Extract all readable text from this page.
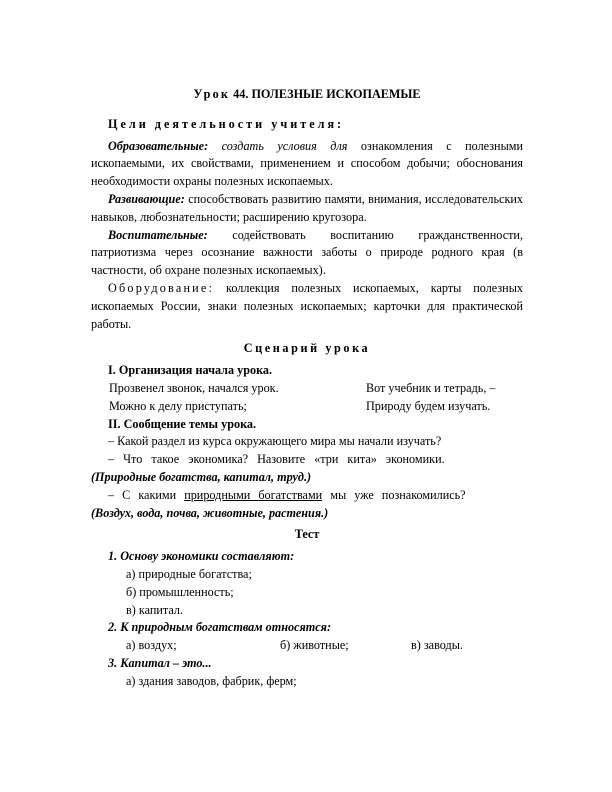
Урок 44. ПОЛЕЗНЫЕ ИСКОПАЕМЫЕ

Цели деятельности учителя:

Образовательные: создать условия для ознакомления с полезными ископаемыми, их свойствами, применением и способом добычи; обоснования необходимости охраны полезных ископаемых.

Развивающие: способствовать развитию памяти, внимания, исследовательских навыков, любознательности; расширению кругозора.

Воспитательные: содействовать воспитанию гражданственности, патриотизма через осознание важности заботы о природе родного края (в частности, об охране полезных ископаемых).

Оборудование: коллекция полезных ископаемых, карты полезных ископаемых России, знаки полезных ископаемых; карточки для практической работы.

Сценарий урока

I. Организация начала урока.

Прозвенел звонок, начался урок.	Вот учебник и тетрадь, –
Можно к делу приступать;	Природу будем изучать.

II. Сообщение темы урока.

– Какой раздел из курса окружающего мира мы начали изучать?

– Что такое экономика? Назовите «три кита» экономики.

(Природные богатства, капитал, труд.)

– С какими природными богатствами мы уже познакомились?

(Воздух, вода, почва, животные, растения.)

Тест

1. Основу экономики составляют:

а) природные богатства;

б) промышленность;

в) капитал.

2. К природным богатствам относятся:

а) воздух;	б) животные;	в) заводы.

3. Капитал – это...

а) здания заводов, фабрик, ферм;
